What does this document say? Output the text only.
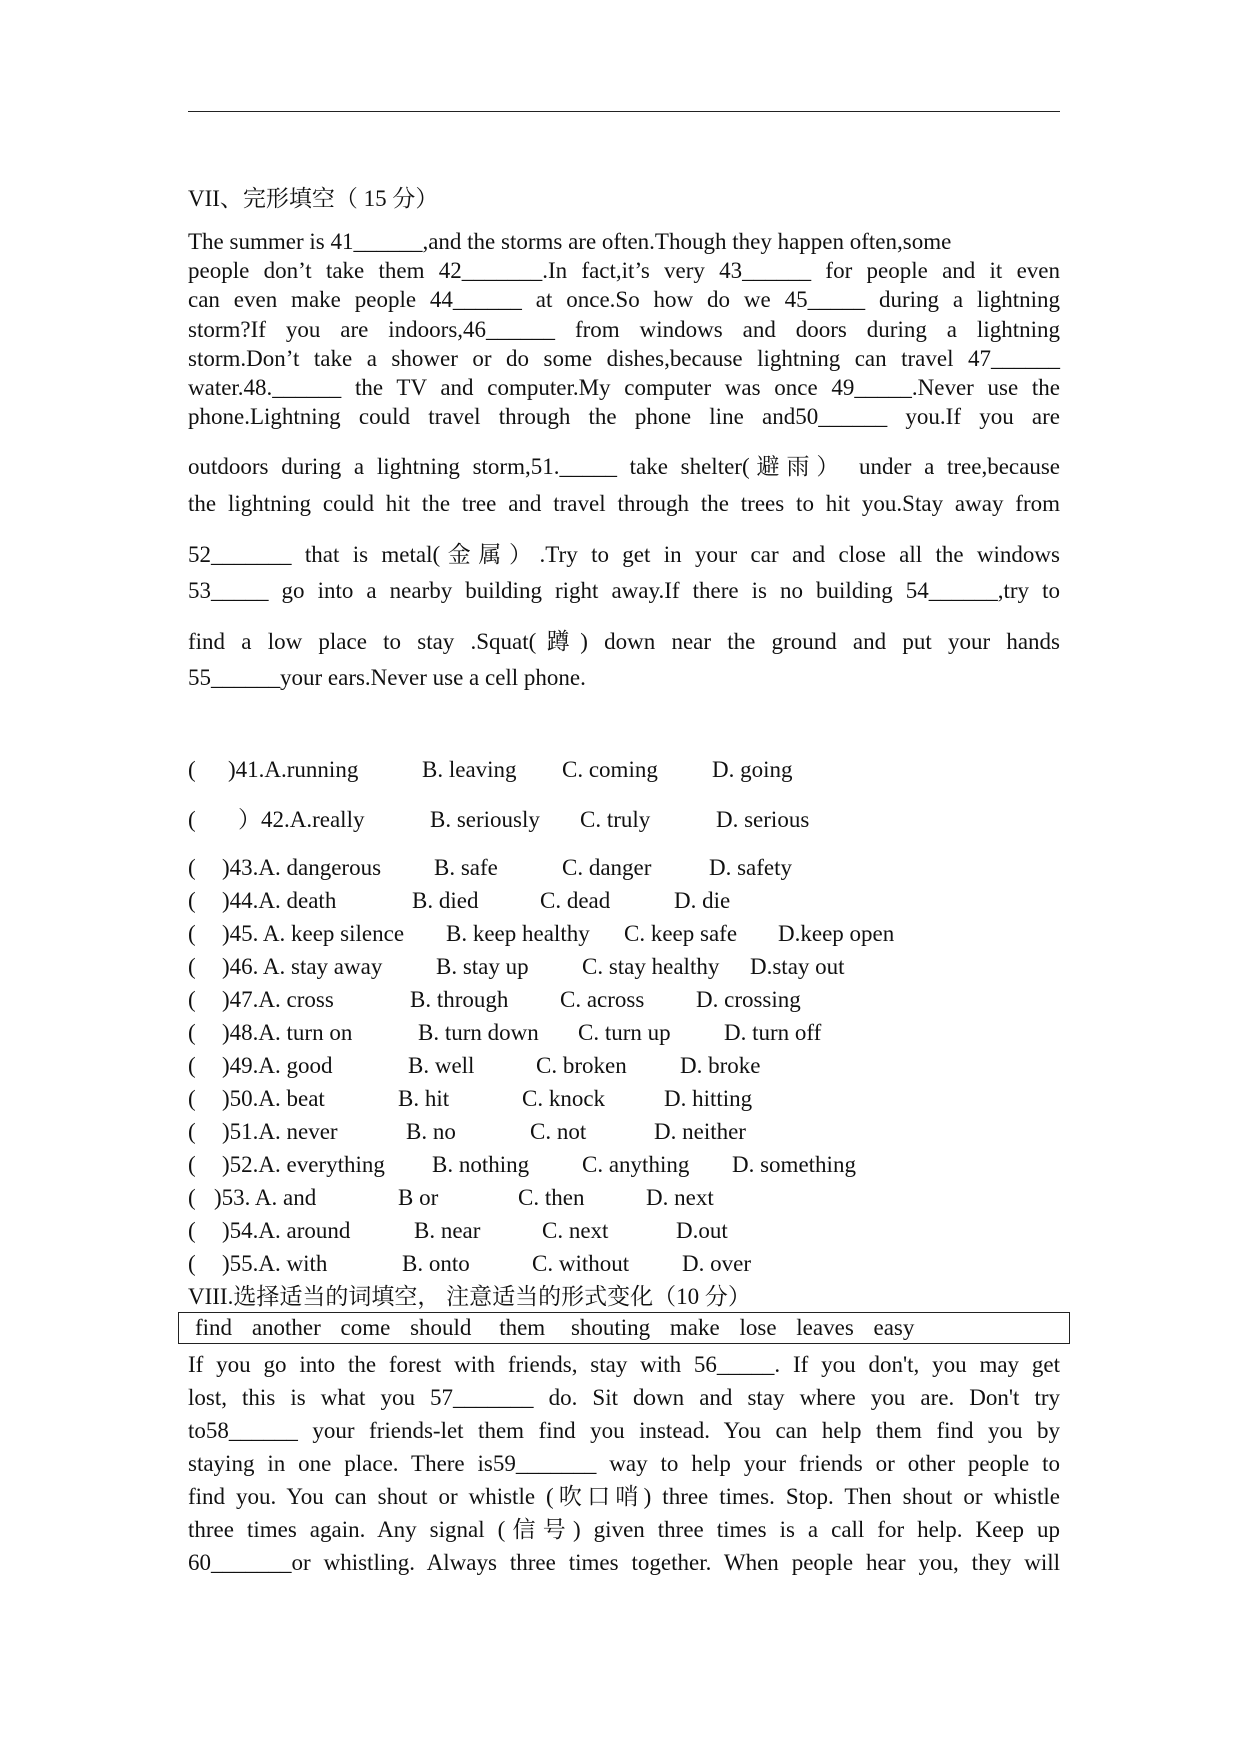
VII、完形填空（ 15 分）
The summer is 41______,and the storms are often.Though they happen often,some
people don’t take them 42_______.In fact,it’s very 43______ for people and it even
can even make people 44______ at once.So how do we 45_____ during a lightning
storm?If you are indoors,46______ from windows and doors during a lightning
storm.Don’t take a shower or do some dishes,because lightning can travel 47______
water.48.______ the TV and computer.My computer was once 49_____.Never use the
phone.Lightning could travel through the phone line and50______ you.If you are
outdoors during a lightning storm,51._____ take shelter(避雨） under a tree,because
the lightning could hit the tree and travel through the trees to hit you.Stay away from
52_______ that is metal(金属）.Try to get in your car and close all the windows
53_____ go into a nearby building right away.If there is no building 54______,try to
find a low place to stay .Squat(蹲) down near the ground and put your hands
55______your ears.Never use a cell phone.
( )41.A.running	B. leaving C. coming D. going
( ）42.A.really	B. seriously C. truly	D. serious
( )43.A. dangerous B. safe	C. danger	D. safety
( )44.A. death	B. died	C. dead	D. die
( )45. A. keep silence B. keep healthy C. keep safe D.keep open
( )46. A. stay away B. stay up C. stay healthy D.stay out
( )47.A. cross	B. through C. across D. crossing
( )48.A. turn on	B. turn down C. turn up D. turn off
( )49.A. good	B. well	C. broken D. broke
( )50.A. beat	B. hit	C. knock	D. hitting
( )51.A. never	B. no	C. not	D. neither
( )52.A. everything B. nothing C. anything D. something
( )53. A. and	B or	C. then	D. next
( )54.A. around	B. near	C. next	D.out
( )55.A. with	B. onto	C. without D. over
VIII.选择适当的词填空， 注意适当的形式变化（10 分）
find another come should them shouting make lose leaves easy
If you go into the forest with friends, stay with 56_____. If you don't, you may get
lost, this is what you 57_______ do. Sit down and stay where you are. Don't try
to58______ your friends-let them find you instead. You can help them find you by
staying in one place. There is59_______ way to help your friends or other people to
find you. You can shout or whistle (吹口哨) three times. Stop. Then shout or whistle
three times again. Any signal (信号) given three times is a call for help. Keep up
60_______or whistling. Always three times together. When people hear you, they will
